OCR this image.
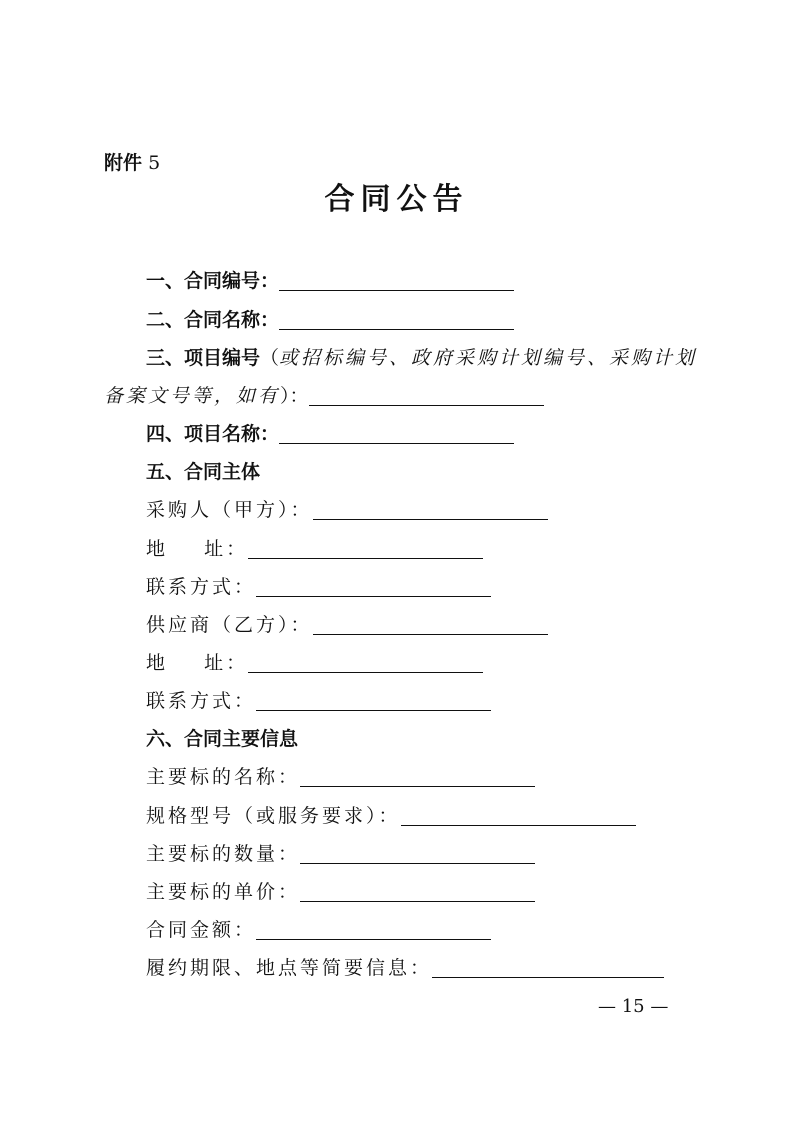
附件 5
合同公告
一、合同编号：
二、合同名称：
三、项目编号 （ 或招标编号、政府采购计划编号、采购计划
备案文号等，如有 ）：
四、项目名称：
五、合同主体
采购人（甲方）：
地    址：
联系方式：
供应商（乙方）：
地    址：
联系方式：
六、合同主要信息
主要标的名称：
规格型号（或服务要求）：
主要标的数量：
主要标的单价：
合同金额：
履约期限、地点等简要信息：
— 15 —
